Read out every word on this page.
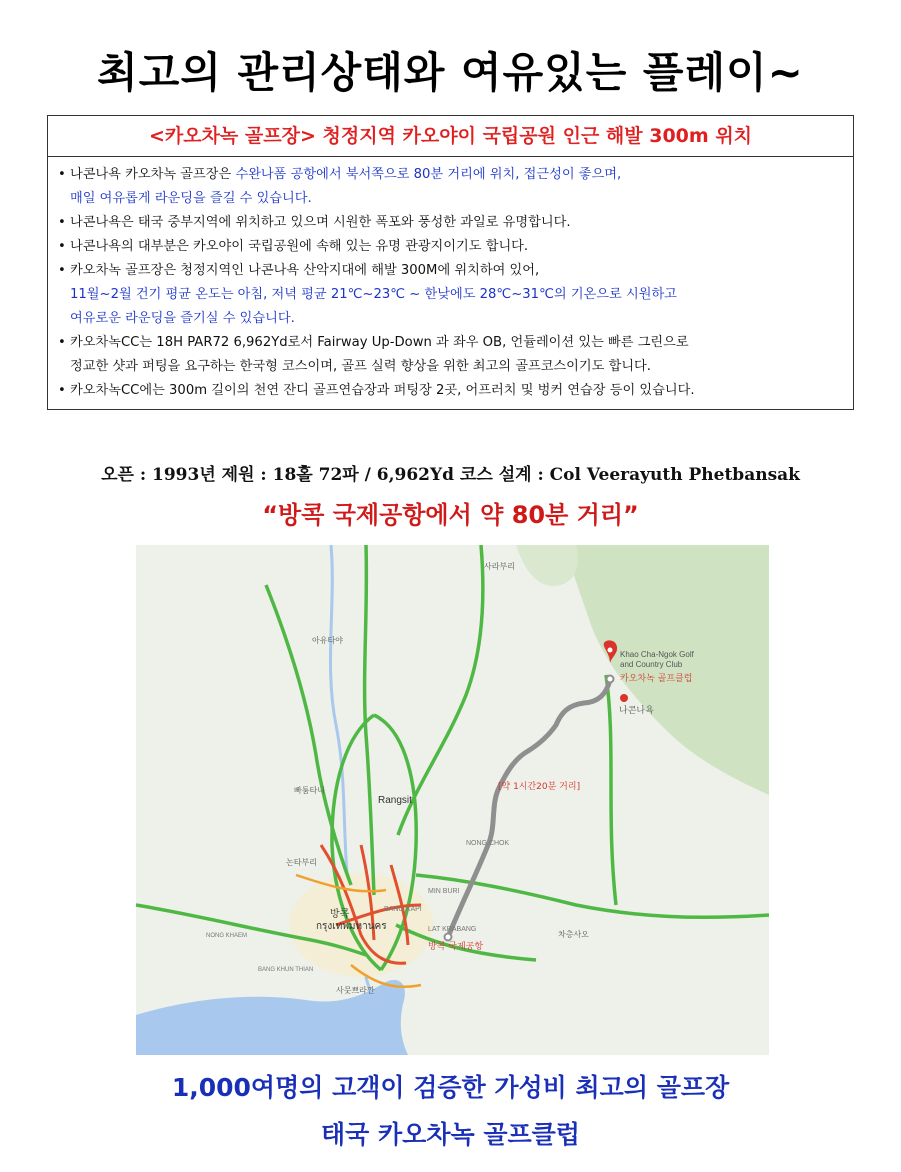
최고의 관리상태와 여유있는 플레이~
<카오차녹 골프장> 청정지역 카오야이 국립공원 인근 해발 300m 위치
• 나콘나욕 카오차녹 골프장은 수완나폼 공항에서 북서쪽으로 80분 거리에 위치, 접근성이 좋으며,
매일 여유롭게 라운딩을 즐길 수 있습니다.
• 나콘나욕은 태국 중부지역에 위치하고 있으며 시원한 폭포와 풍성한 과일로 유명합니다.
• 나콘나욕의 대부분은 카오야이 국립공원에 속해 있는 유명 관광지이기도 합니다.
• 카오차녹 골프장은 청정지역인 나콘나욕 산악지대에 해발 300M에 위치하여 있어,
11월~2월 건기 평균 온도는 아침, 저녁 평균 21℃~23℃ ~ 한낮에도 28℃~31℃의 기온으로 시원하고
여유로운 라운딩을 즐기실 수 있습니다.
• 카오차녹CC는 18H PAR72 6,962Yd로서 Fairway Up-Down 과 좌우 OB, 언듈레이션 있는 빠른 그린으로
정교한 샷과 퍼팅을 요구하는 한국형 코스이며, 골프 실력 향상을 위한 최고의 골프코스이기도 합니다.
• 카오차녹CC에는 300m 길이의 천연 잔디 골프연습장과 퍼팅장 2곳, 어프러치 및 벙커 연습장 등이 있습니다.
오픈 : 1993년 제원 : 18홀 72파 / 6,962Yd 코스 설계 : Col Veerayuth Phetbansak
“방콕 국제공항에서 약 80분 거리”
Khao Cha-Ngok Golf
and Country Club
카오차녹 골프클럽
[약 1시간20분 거리]
방콕 국제공항
Rangsit
방콕
กรุงเทพมหานคร
나콘나욕
NONG CHOK
MIN BURI
BANG KAPI
LAT KRABANG
빠툼타니
논타부리
차층사오
아유타야
사라부리
사뭇쁘라깐
BANG KHUN THIAN
NONG KHAEM
1,000여명의 고객이 검증한 가성비 최고의 골프장
태국 카오차녹 골프클럽
